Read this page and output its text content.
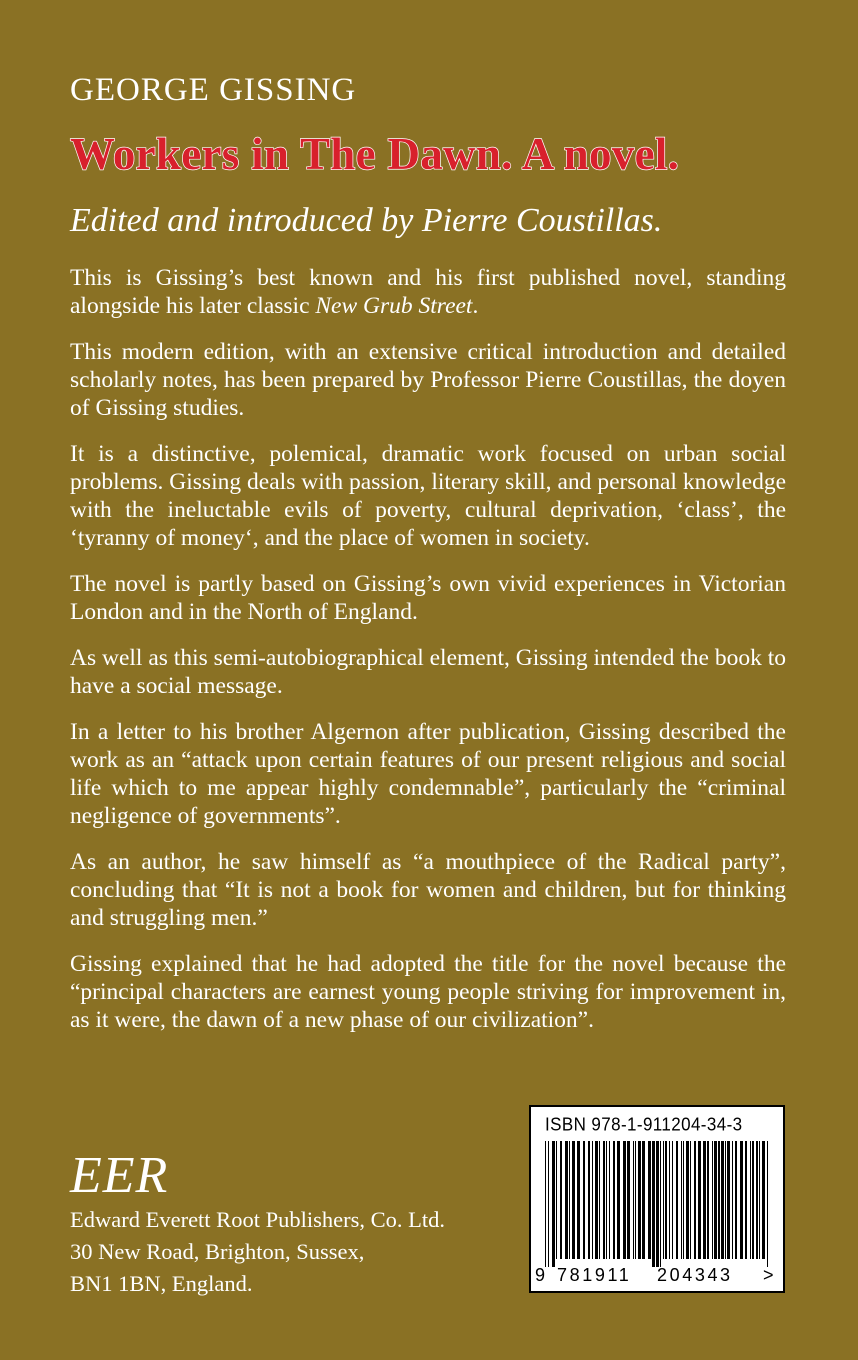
GEORGE GISSING
Workers in The Dawn. A novel.
Edited and introduced by Pierre Coustillas.

This is Gissing’s best known and his first published novel, standing alongside his later classic New Grub Street.

This modern edition, with an extensive critical introduction and detailed scholarly notes, has been prepared by Professor Pierre Coustillas, the doyen of Gissing studies.

It is a distinctive, polemical, dramatic work focused on urban social problems. Gissing deals with passion, literary skill, and personal knowledge with the ineluctable evils of poverty, cultural deprivation, ‘class’, the ‘tyranny of money‘, and the place of women in society.

The novel is partly based on Gissing’s own vivid experiences in Victorian London and in the North of England.

As well as this semi-autobiographical element, Gissing intended the book to have a social message.

In a letter to his brother Algernon after publication, Gissing described the work as an “attack upon certain features of our present religious and social life which to me appear highly condemnable”, particularly the “criminal negligence of governments”.

As an author, he saw himself as “a mouthpiece of the Radical party”, concluding that “It is not a book for women and children, but for thinking and struggling men.”

Gissing explained that he had adopted the title for the novel because the “principal characters are earnest young people striving for improvement in, as it were, the dawn of a new phase of our civilization”.

EER
Edward Everett Root Publishers, Co. Ltd.
30 New Road, Brighton, Sussex,
BN1 1BN, England.
ISBN 978-1-911204-34-3
9 781911 204343 >
